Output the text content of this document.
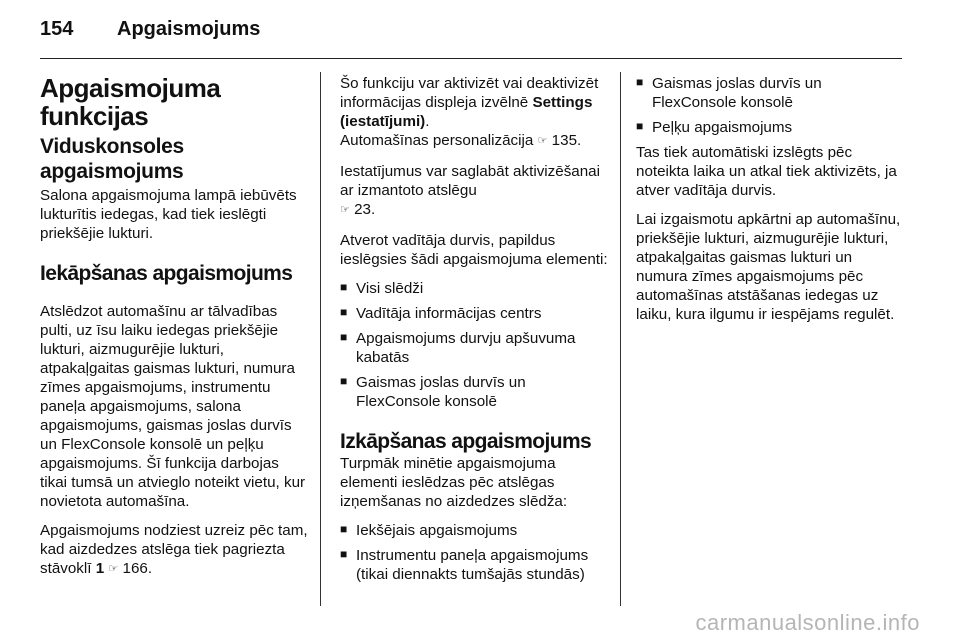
154 Apgaismojums
Apgaismojuma funkcijas
Viduskonsoles apgaismojums

Salona apgaismojuma lampā iebūvēts lukturītis iedegas, kad tiek ieslēgti priekšējie lukturi.

Iekāpšanas apgaismojums

Atslēdzot automašīnu ar tālvadības pulti, uz īsu laiku iedegas priekšējie lukturi, aizmugurējie lukturi, atpakaļgaitas gaismas lukturi, numura zīmes apgaismojums, instrumentu paneļa apgaismojums, salona apgaismojums, gaismas joslas durvīs un FlexConsole konsolē un peļķu apgaismojums. Šī funkcija darbojas tikai tumsā un atvieglo noteikt vietu, kur novietota automašīna.

Apgaismojums nodziest uzreiz pēc tam, kad aizdedzes atslēga tiek pagriezta stāvoklī 1 ☞ 166.

Šo funkciju var aktivizēt vai deaktivizēt informācijas displeja izvēlnē Settings (iestatījumi).
Automašīnas personalizācija ☞ 135.

Iestatījumus var saglabāt aktivizēšanai ar izmantoto atslēgu
☞ 23.

Atverot vadītāja durvis, papildus ieslēgsies šādi apgaismojuma elementi:

■ Visi slēdži
■ Vadītāja informācijas centrs
■ Apgaismojums durvju apšuvuma kabatās
■ Gaismas joslas durvīs un FlexConsole konsolē
Izkāpšanas apgaismojums

Turpmāk minētie apgaismojuma elementi ieslēdzas pēc atslēgas izņemšanas no aizdedzes slēdža:

■ Iekšējais apgaismojums
■ Instrumentu paneļa apgaismojums (tikai diennakts tumšajās stundās)
■ Gaismas joslas durvīs un FlexConsole konsolē
■ Peļķu apgaismojums

Tas tiek automātiski izslēgts pēc noteikta laika un atkal tiek aktivizēts, ja atver vadītāja durvis.

Lai izgaismotu apkārtni ap automašīnu, priekšējie lukturi, aizmugurējie lukturi, atpakaļgaitas gaismas lukturi un numura zīmes apgaismojums pēc automašīnas atstāšanas iedegas uz laiku, kura ilgumu ir iespējams regulēt.

carmanualsonline.info
